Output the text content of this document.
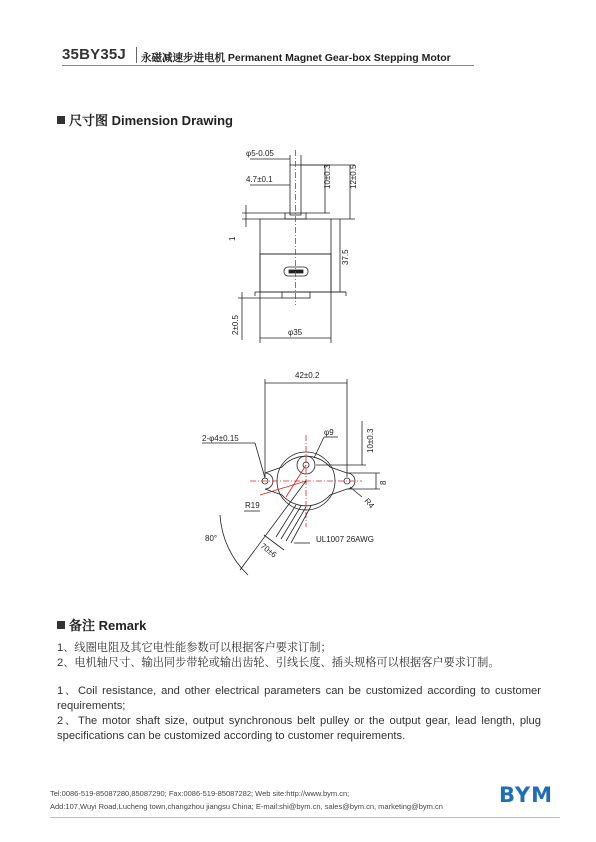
35BY35J 永磁减速步进电机 Permanent Magnet Gear-box Stepping Motor
尺寸图 Dimension Drawing
φ5-0.05
4.7±0.1	10±0.3 12±0.5
37.5
1
2±0.5	φ35
42±0.2
2-φ4±0.15
φ9	10±0.3
8
R4
R19
80°
70±6
UL1007 26AWG
备注 Remark

1、线圈电阻及其它电性能参数可以根据客户要求订制；

2、电机轴尺寸、输出同步带轮或输出齿轮、引线长度、插头规格可以根据客户要求订制。

1、Coil resistance, and other electrical parameters can be customized according to customer requirements;

2、The motor shaft size, output synchronous belt pulley or the output gear, lead length, plug specifications can be customized according to customer requirements.

Tel:0086-519-85087280,85087290; Fax:0086-519-85087282; Web site:http://www.bym.cn;
Add:107,Wuyi Road,Lucheng town,changzhou jiangsu China; E-mail:shi@bym.cn, sales@bym.cn, marketing@bym.cn	BYM
